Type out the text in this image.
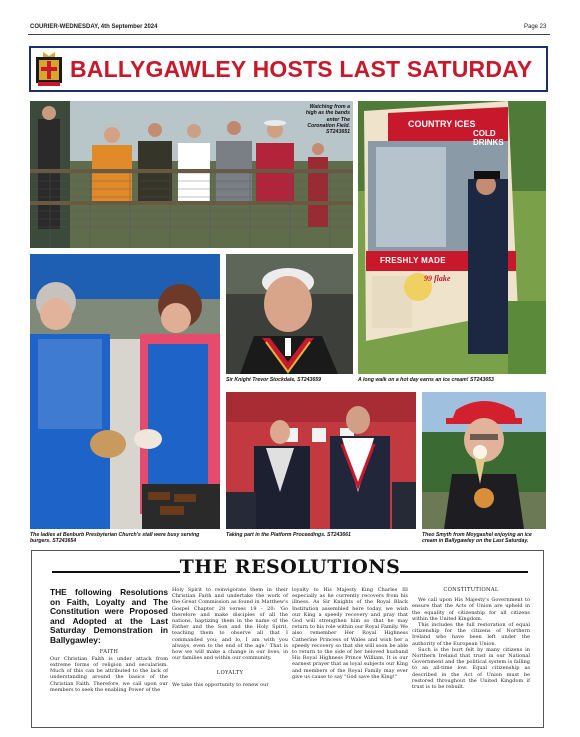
COURIER-WEDNESDAY, 4th September 2024	Page 23
BALLYGAWLEY HOSTS LAST SATURDAY
Watching from a high as the bands enter The Coronation Field. ST243651
COUNTRY ICES
COLD DRINKS
FRESHLY MADE
99 flake
A long walk on a hot day earns an ice cream! ST243653
The ladies at Benburb Presbyterian Church's stall were busy serving burgers. ST243654
Sir Knight Trevor Stockdale, ST243659
Taking part in the Platform Proceedings. ST243661	Theo Smyth from Moygashel enjoying an ice cream in Ballygawley on the Last Saturday.
THE RESOLUTIONS
THE following Resolutions on Faith, Loyalty and The Constitution were Proposed and Adopted at the Last Saturday Demonstration in Ballygawley:
FAITH
Our Christian Faith is under attack from extreme forms of religion and secularism. Much of this can be attributed to the lack of understanding around the basics of the Christian Faith. Therefore, we call upon our members to seek the enabling Power of the
Holy Spirit to reinvigorate them in their Christian Faith and undertake the work of the Great Commission as found in Matthew's Gospel Chapter 28 verses 19 - 20: 'Go therefore and make disciples of all the nations, baptizing them in the name of the Father and the Son and the Holy Spirit, teaching them to observe all that I commanded you; and lo, I am with you always, even to the end of the age.' That is how we will make a change in our lives, in our families and within our community.
LOYALTY
We take this opportunity to renew our
loyalty to His Majesty King Charles III especially as he currently recovers from his illness. As Sir Knights of the Royal Black Institution assembled here today, we wish our King a speedy recovery and pray that God will strengthen him so that he may return to his role within our Royal Family. We also remember Her Royal Highness Catherine Princess of Wales and wish her a speedy recovery so that she will soon be able to return to the side of her beloved husband His Royal Highness Prince William. It is our earnest prayer that as loyal subjects our King and members of the Royal Family may ever give us cause to say "God save the King!"
CONSTITUTIONAL
We call upon His Majesty's Government to ensure that the Acts of Union are upheld in the equality of citizenship for all citizens within the United Kingdom.
This includes the full restoration of equal citizenship for the citizens of Northern Ireland who have been left under the authority of the European Union.
Such is the hurt felt by many citizens in Northern Ireland that trust in our National Government and the political system is falling to an all-time low. Equal citizenship as described in the Act of Union must be restored throughout the United Kingdom if trust is to be rebuilt.
